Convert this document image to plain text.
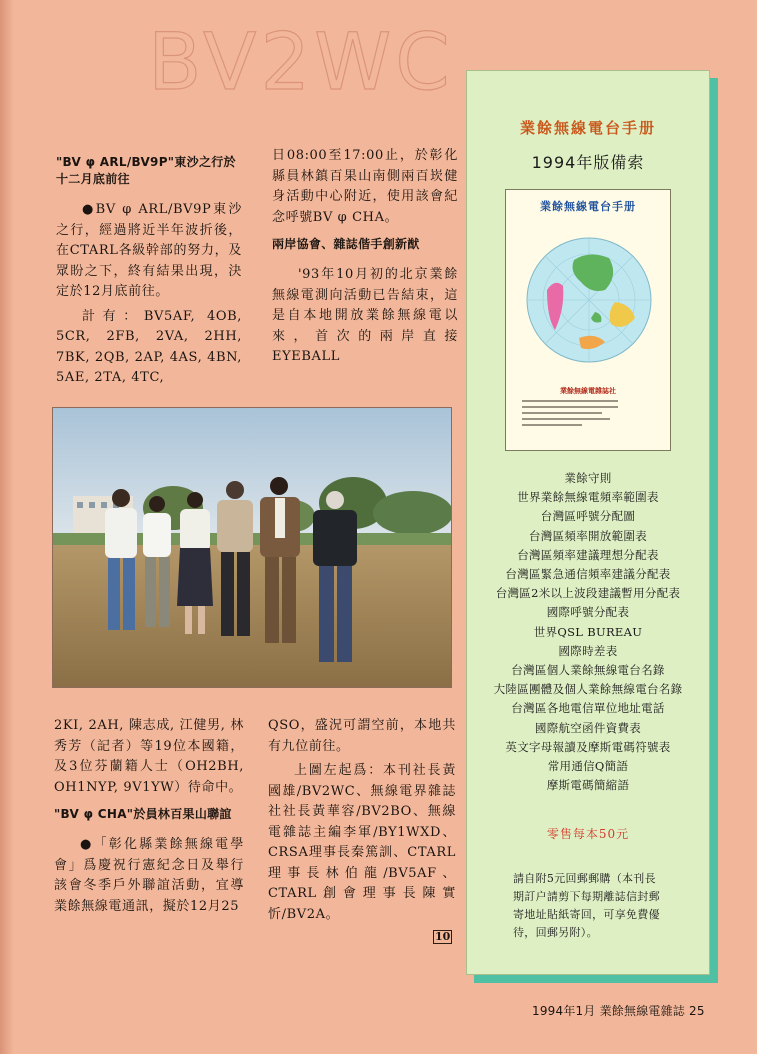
BV2WC
"BV φ ARL/BV9P"東沙之行於十二月底前往

●BV φ ARL/BV9P東沙之行，經過將近半年波折後，在CTARL各級幹部的努力，及眾盼之下，終有結果出現，決定於12月底前往。

計有：BV5AF, 4OB, 5CR, 2FB, 2VA, 2HH, 7BK, 2QB, 2AP, 4AS, 4BN, 5AE, 2TA, 4TC,

日08:00至17:00止，於彰化縣員林鎮百果山南側兩百崁健身活動中心附近，使用該會紀念呼號BV φ CHA。

兩岸協會、雜誌偕手創新猷

'93年10月初的北京業餘無線電測向活動已告結束，這是自本地開放業餘無線電以來，首次的兩岸直接EYEBALL

2KI, 2AH, 陳志成, 江健男, 林秀芳（記者）等19位本國籍，及3位芬蘭籍人士（OH2BH, OH1NYP, 9V1YW）待命中。

"BV φ CHA"於員林百果山聯誼

●「彰化縣業餘無線電學會」爲慶祝行憲紀念日及舉行該會冬季戶外聯誼活動，宜導業餘無線電通訊，擬於12月25

QSO，盛況可謂空前，本地共有九位前往。

上圖左起爲：本刊社長黃國雄/BV2WC、無線電界雜誌社社長黃華容/BV2BO、無線電雜誌主編李軍/BY1WXD、CRSA理事長秦篤訓、CTARL理事長林伯龍/BV5AF、CTARL創會理事長陳實忻/BV2A。

10
業餘無線電台手册
1994年版備索
業餘無線電台手册
業餘無線電雜誌社
業餘守則
世界業餘無線電頻率範圍表
台灣區呼號分配圖
台灣區頻率開放範圍表
台灣區頻率建議理想分配表
台灣區緊急通信頻率建議分配表
台灣區2米以上波段建議暫用分配表
國際呼號分配表
世界QSL BUREAU
國際時差表
台灣區個人業餘無線電台名錄
大陸區團體及個人業餘無線電台名錄
台灣區各地電信單位地址電話
國際航空函件資費表
英文字母報讀及摩斯電碼符號表
常用通信Q簡語
摩斯電碼簡縮語
零售每本50元
請自附5元回郵郵購（本刊長期訂户請剪下每期離誌信封郵寄地址貼紙寄回，可享免費優待，回郵另附）。
1994年1月 業餘無線電雜誌 25
